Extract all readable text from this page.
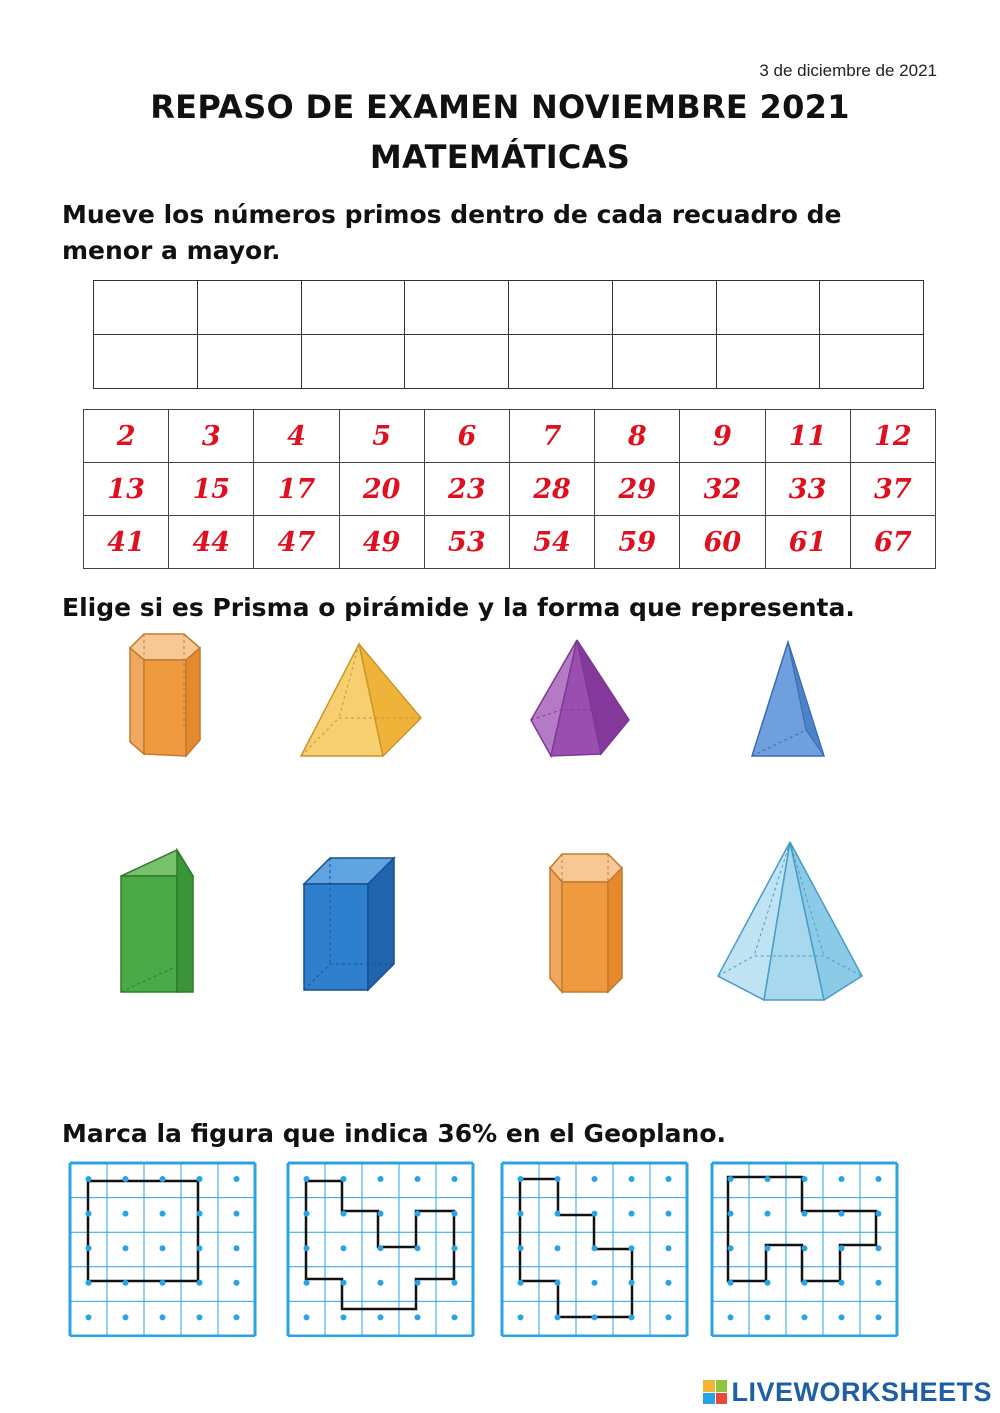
3 de diciembre de 2021
REPASO DE EXAMEN NOVIEMBRE 2021
MATEMÁTICAS
Mueve los números primos dentro de cada recuadro de menor a mayor.

2	3	4	5	6	7	8	9	11	12
13	15	17	20	23	28	29	32	33	37
41	44	47	49	53	54	59	60	61	67
Elige si es Prisma o pirámide y la forma que representa.
Marca la figura que indica 36% en el Geoplano.
LIVEWORKSHEETS
